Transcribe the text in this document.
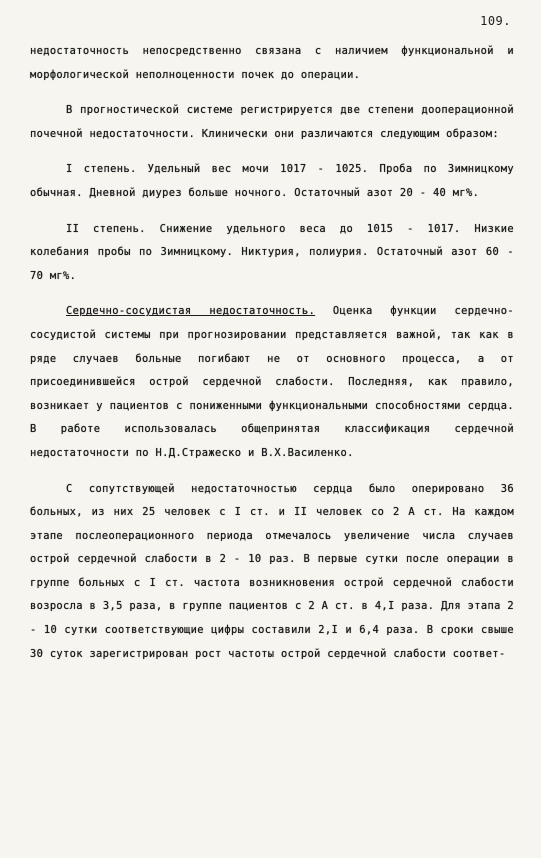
109.

недостаточность непосредственно связана с наличием функциональной и морфологической неполноценности почек до операции.

В прогностической системе регистрируется две степени дооперационной почечной недостаточности. Клинически они различаются следующим образом:

I степень. Удельный вес мочи 1017 - 1025. Проба по Зимницкому обычная. Дневной диурез больше ночного. Остаточный азот 20 - 40 мг%.

II степень. Снижение удельного веса до 1015 - 1017. Низкие колебания пробы по Зимницкому. Никтурия, полиурия. Остаточный азот 60 - 70 мг%.

Сердечно-сосудистая недостаточность. Оценка функции сердечно-сосудистой системы при прогнозировании представляется важной, так как в ряде случаев больные погибают не от основного процесса, а от присоединившейся острой сердечной слабости. Последняя, как правило, возникает у пациентов с пониженными функциональными способностями сердца. В работе использовалась общепринятая классификация сердечной недостаточности по Н.Д.Стражеско и В.Х.Василенко.

С сопутствующей недостаточностью сердца было оперировано 36 больных, из них 25 человек с I ст. и II человек со 2 А ст. На каждом этапе послеоперационного периода отмечалось увеличение числа случаев острой сердечной слабости в 2 - 10 раз. В первые сутки после операции в группе больных с I ст. частота возникновения острой сердечной слабости возросла в 3,5 раза, в группе пациентов с 2 А ст. в 4,I раза. Для этапа 2 - 10 сутки соответствующие цифры составили 2,I и 6,4 раза. В сроки свыше 30 суток зарегистрирован рост частоты острой сердечной слабости соответ-
